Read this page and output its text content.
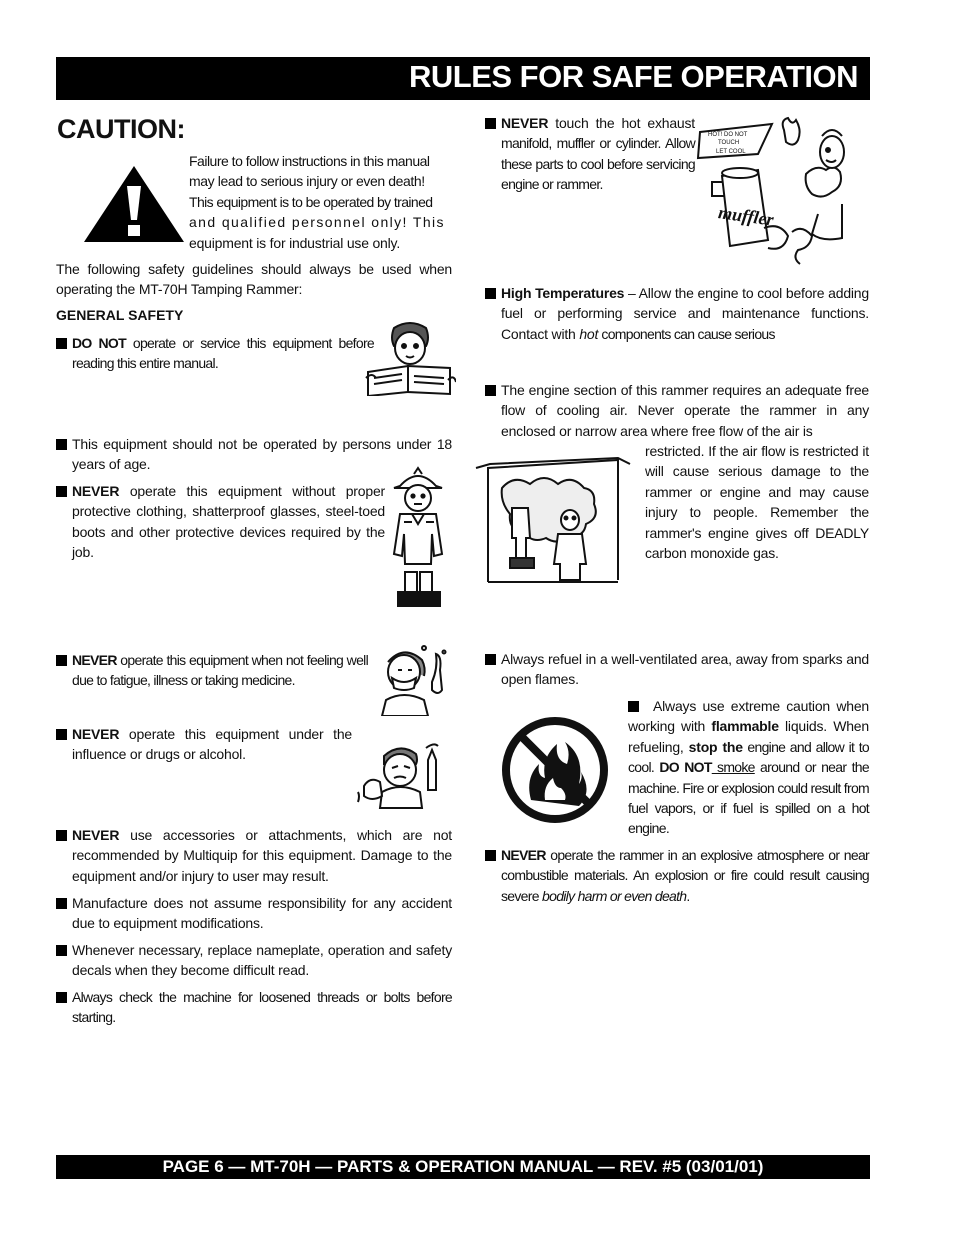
RULES FOR SAFE OPERATION
CAUTION:
Failure to follow instructions in this manual
may lead to serious injury or even death!
This equipment is to be operated by trained
and qualified personnel only! This
equipment is for industrial use only.
The following safety guidelines should always be used when operating the MT-70H Tamping Rammer:
GENERAL SAFETY
DO NOT operate or service this equipment before reading this entire manual.
This equipment should not be operated by persons under 18 years of age.
NEVER operate this equipment without proper protective clothing, shatterproof glasses, steel-toed boots and other protective devices required by the job.
NEVER operate this equipment when not feeling well due to fatigue, illness or taking medicine.
NEVER operate this equipment under the influence or drugs or alcohol.
NEVER use accessories or attachments, which are not recommended by Multiquip for this equipment. Damage to the equipment and/or injury to user may result.
Manufacture does not assume responsibility for any accident due to equipment modifications.
Whenever necessary, replace nameplate, operation and safety decals when they become difficult read.
Always check the machine for loosened threads or bolts before starting.
NEVER touch the hot exhaust manifold, muffler or cylinder. Allow these parts to cool before servicing engine or rammer.
HOT! DO NOT
TOUCH
LET COOL
muffler
High Temperatures – Allow the engine to cool before adding fuel or performing service and maintenance functions. Contact with hot components can cause serious
The engine section of this rammer requires an adequate free flow of cooling air. Never operate the rammer in any enclosed or narrow area where free flow of the air is
restricted. If the air flow is restricted it will cause serious damage to the rammer or engine and may cause injury to people. Remember the rammer's engine gives off DEADLY carbon monoxide gas.
Always refuel in a well-ventilated area, away from sparks and open flames.
Always use extreme caution when working with flammable liquids. When refueling, stop the engine and allow it to cool. DO NOT smoke around or near the machine. Fire or explosion could result from fuel vapors, or if fuel is spilled on a hot engine.
NEVER operate the rammer in an explosive atmosphere or near combustible materials. An explosion or fire could result causing severe bodily harm or even death.
PAGE 6 — MT-70H — PARTS & OPERATION MANUAL — REV. #5 (03/01/01)
